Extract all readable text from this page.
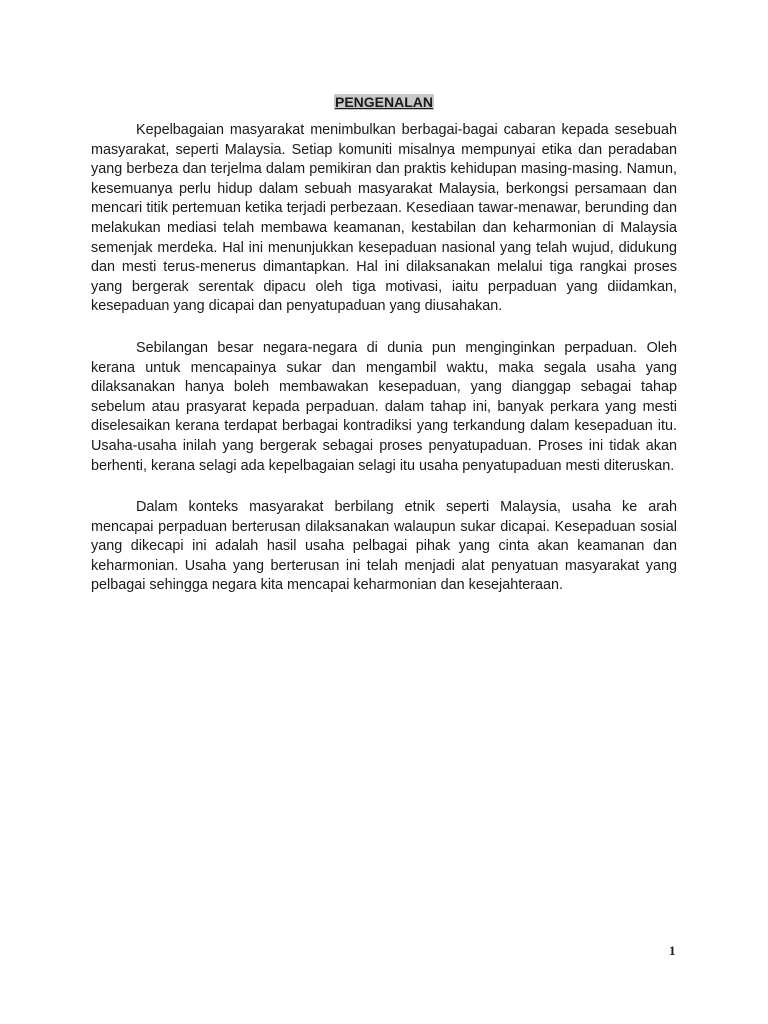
PENGENALAN

Kepelbagaian masyarakat menimbulkan berbagai-bagai cabaran kepada sesebuah masyarakat, seperti Malaysia. Setiap komuniti misalnya mempunyai etika dan peradaban yang berbeza dan terjelma dalam pemikiran dan praktis kehidupan masing-masing. Namun, kesemuanya perlu hidup dalam sebuah masyarakat Malaysia, berkongsi persamaan dan mencari titik pertemuan ketika terjadi perbezaan. Kesediaan tawar-menawar, berunding dan melakukan mediasi telah membawa keamanan, kestabilan dan keharmonian di Malaysia semenjak merdeka. Hal ini menunjukkan kesepaduan nasional yang telah wujud, didukung dan mesti terus-menerus dimantapkan. Hal ini dilaksanakan melalui tiga rangkai proses yang bergerak serentak dipacu oleh tiga motivasi, iaitu perpaduan yang diidamkan, kesepaduan yang dicapai dan penyatupaduan yang diusahakan.

Sebilangan besar negara-negara di dunia pun menginginkan perpaduan. Oleh kerana untuk mencapainya sukar dan mengambil waktu, maka segala usaha yang dilaksanakan hanya boleh membawakan kesepaduan, yang dianggap sebagai tahap sebelum atau prasyarat kepada perpaduan. dalam tahap ini, banyak perkara yang mesti diselesaikan kerana terdapat berbagai kontradiksi yang terkandung dalam kesepaduan itu. Usaha-usaha inilah yang bergerak sebagai proses penyatupaduan. Proses ini tidak akan berhenti, kerana selagi ada kepelbagaian selagi itu usaha penyatupaduan mesti diteruskan.

Dalam konteks masyarakat berbilang etnik seperti Malaysia, usaha ke arah mencapai perpaduan berterusan dilaksanakan walaupun sukar dicapai. Kesepaduan sosial yang dikecapi ini adalah hasil usaha pelbagai pihak yang cinta akan keamanan dan keharmonian. Usaha yang berterusan ini telah menjadi alat penyatuan masyarakat yang pelbagai sehingga negara kita mencapai keharmonian dan kesejahteraan.

1
